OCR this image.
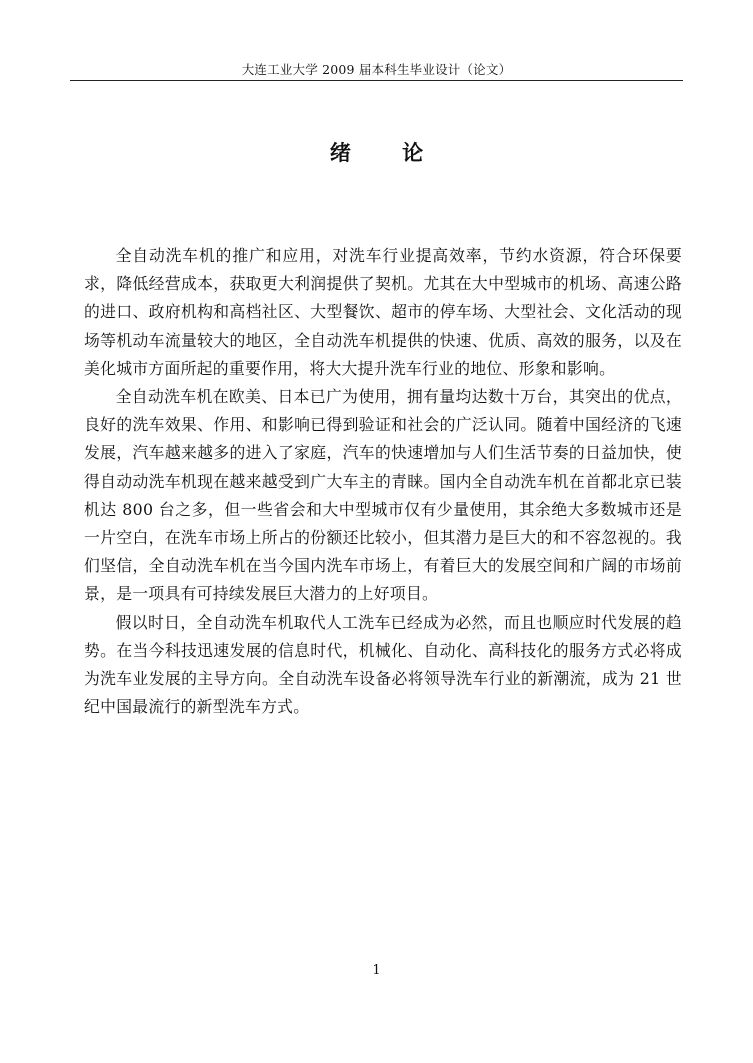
大连工业大学 2009 届本科生毕业设计（论文）
绪 论

全自动洗车机的推广和应用，对洗车行业提高效率，节约水资源，符合环保要求，降低经营成本，获取更大利润提供了契机。尤其在大中型城市的机场、高速公路的进口、政府机构和高档社区、大型餐饮、超市的停车场、大型社会、文化活动的现场等机动车流量较大的地区，全自动洗车机提供的快速、优质、高效的服务，以及在美化城市方面所起的重要作用，将大大提升洗车行业的地位、形象和影响。

全自动洗车机在欧美、日本已广为使用，拥有量均达数十万台，其突出的优点，良好的洗车效果、作用、和影响已得到验证和社会的广泛认同。随着中国经济的飞速发展，汽车越来越多的进入了家庭，汽车的快速增加与人们生活节奏的日益加快，使得自动动洗车机现在越来越受到广大车主的青睐。国内全自动洗车机在首都北京已装机达 800 台之多，但一些省会和大中型城市仅有少量使用，其余绝大多数城市还是一片空白，在洗车市场上所占的份额还比较小，但其潜力是巨大的和不容忽视的。我们坚信，全自动洗车机在当今国内洗车市场上，有着巨大的发展空间和广阔的市场前景，是一项具有可持续发展巨大潜力的上好项目。

假以时日，全自动洗车机取代人工洗车已经成为必然，而且也顺应时代发展的趋势。在当今科技迅速发展的信息时代，机械化、自动化、高科技化的服务方式必将成为洗车业发展的主导方向。全自动洗车设备必将领导洗车行业的新潮流，成为 21 世纪中国最流行的新型洗车方式。

1
